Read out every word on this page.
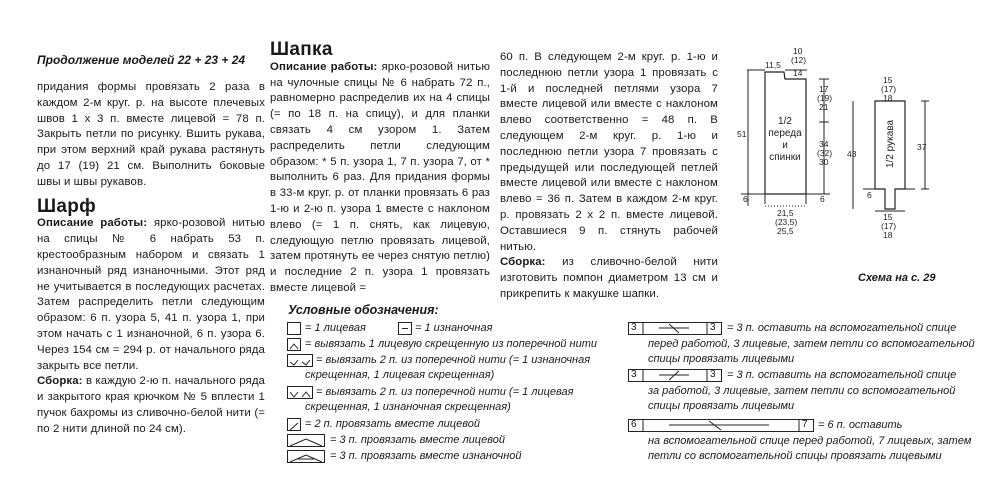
Продолжение моделей 22 + 23 + 24
придания формы провязать 2 раза в каждом 2-м круг. р. на высоте плечевых швов 1 х 3 п. вместе лицевой = 78 п. Закрыть петли по рисунку. Вшить рукава, при этом верхний край рукава растянуть до 17 (19) 21 см. Выполнить боковые швы и швы рукавов.
Шарф
Описание работы: ярко-розовой нитью на спицы № 6 набрать 53 п. крестообразным набором и связать 1 изнаночный ряд изнаночными. Этот ряд не учитывается в последующих расчетах. Затем распределить петли следующим образом: 6 п. узора 5, 41 п. узора 1, при этом начать с 1 изнаночной, 6 п. узора 6. Через 154 см = 294 р. от начального ряда закрыть все петли.
Сборка: в каждую 2-ю п. начального ряда и закрытого края крючком № 5 вплести 1 пучок бахромы из сливочно-белой нити (= по 2 нити длиной по 24 см).
Шапка
Описание работы: ярко-розовой нитью на чулочные спицы № 6 набрать 72 п., равномерно распределив их на 4 спицы (= по 18 п. на спицу), и для планки связать 4 см узором 1. Затем распределить петли следующим образом: * 5 п. узора 1, 7 п. узора 7, от * выполнить 6 раз. Для придания формы в 33-м круг. р. от планки провязать 6 раз 1-ю и 2-ю п. узора 1 вместе с наклоном влево (= 1 п. снять, как лицевую, следующую петлю провязать лицевой, затем протянуть ее через снятую петлю) и последние 2 п. узора 1 провязать вместе лицевой =
60 п. В следующем 2-м круг. р. 1-ю и последнюю петли узора 1 провязать с 1-й и последней петлями узора 7 вместе лицевой или вместе с наклоном влево соответственно = 48 п. В следующем 2-м круг. р. 1-ю и последнюю петли узора 7 провязать с предыдущей или последующей петлей вместе лицевой или вместе с наклоном влево = 36 п. Затем в каждом 2-м круг. р. провязать 2 х 2 п. вместе лицевой. Оставшиеся 9 п. стянуть рабочей нитью.
Сборка: из сливочно-белой нити изготовить помпон диаметром 13 см и прикрепить к макушке шапки.
10
(12)
14
11,5
17
(19)
21
34
(32)
30
51
6	6
21,5
(23,5)
25,5
15
(17)
18
43
37
6
15
(17)
18
1/2
переда
и
спинки	1/2 рукава
Схема на с. 29
Условные обозначения:
= 1 лицевая	= 1 изнаночная
= вывязать 1 лицевую скрещенную из поперечной нити
= вывязать 2 п. из поперечной нити (= 1 изнаночная
скрещенная, 1 лицевая скрещенная)
= вывязать 2 п. из поперечной нити (= 1 лицевая
скрещенная, 1 изнаночная скрещенная)
= 2 п. провязать вместе лицевой
= 3 п. провязать вместе лицевой
= 3 п. провязать вместе изнаночной
3	3 = 3 п. оставить на вспомогательной спице
перед работой, 3 лицевые, затем петли со вспомогательной
спицы провязать лицевыми
3	3 = 3 п. оставить на вспомогательной спице
за работой, 3 лицевые, затем петли со вспомогательной
спицы провязать лицевыми
6	7 = 6 п. оставить
на вспомогательной спице перед работой, 7 лицевых, затем
петли со вспомогательной спицы провязать лицевыми
